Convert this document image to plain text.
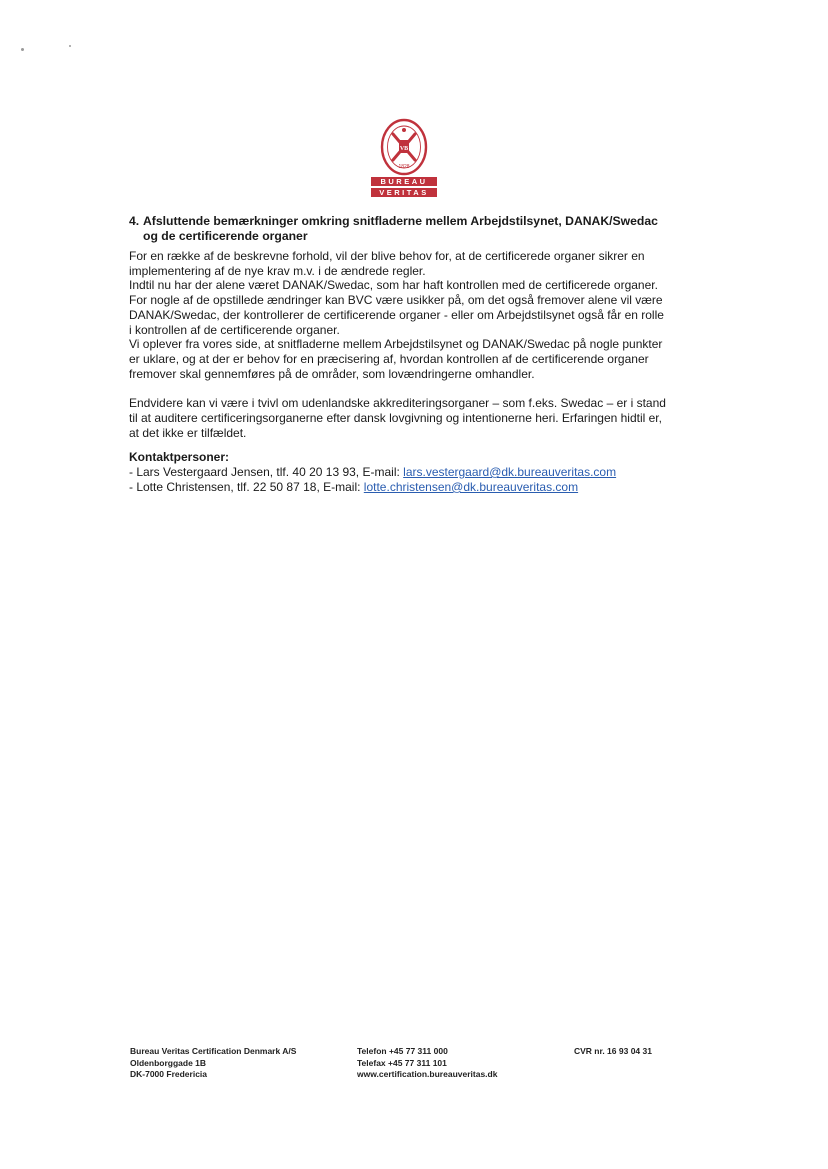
VB
1828
BUREAU
VERITAS
4. Afsluttende bemærkninger omkring snitfladerne mellem Arbejdstilsynet, DANAK/Swedac og de certificerende organer

For en række af de beskrevne forhold, vil der blive behov for, at de certificerede organer sikrer en implementering af de nye krav m.v. i de ændrede regler.

Indtil nu har der alene været DANAK/Swedac, som har haft kontrollen med de certificerede organer.

For nogle af de opstillede ændringer kan BVC være usikker på, om det også fremover alene vil være DANAK/Swedac, der kontrollerer de certificerende organer - eller om Arbejdstilsynet også får en rolle i kontrollen af de certificerende organer.

Vi oplever fra vores side, at snitfladerne mellem Arbejdstilsynet og DANAK/Swedac på nogle punkter er uklare, og at der er behov for en præcisering af, hvordan kontrollen af de certificerende organer fremover skal gennemføres på de områder, som lovændringerne omhandler.

Endvidere kan vi være i tvivl om udenlandske akkrediteringsorganer – som f.eks. Swedac – er i stand til at auditere certificeringsorganerne efter dansk lovgivning og intentionerne heri. Erfaringen hidtil er, at det ikke er tilfældet.

Kontaktpersoner:

- Lars Vestergaard Jensen, tlf. 40 20 13 93, E-mail: lars.vestergaard@dk.bureauveritas.com

- Lotte Christensen, tlf. 22 50 87 18, E-mail: lotte.christensen@dk.bureauveritas.com

Bureau Veritas Certification Denmark A/S
Oldenborggade 1B
DK-7000 Fredericia
Telefon +45 77 311 000
Telefax +45 77 311 101
www.certification.bureauveritas.dk
CVR nr. 16 93 04 31
